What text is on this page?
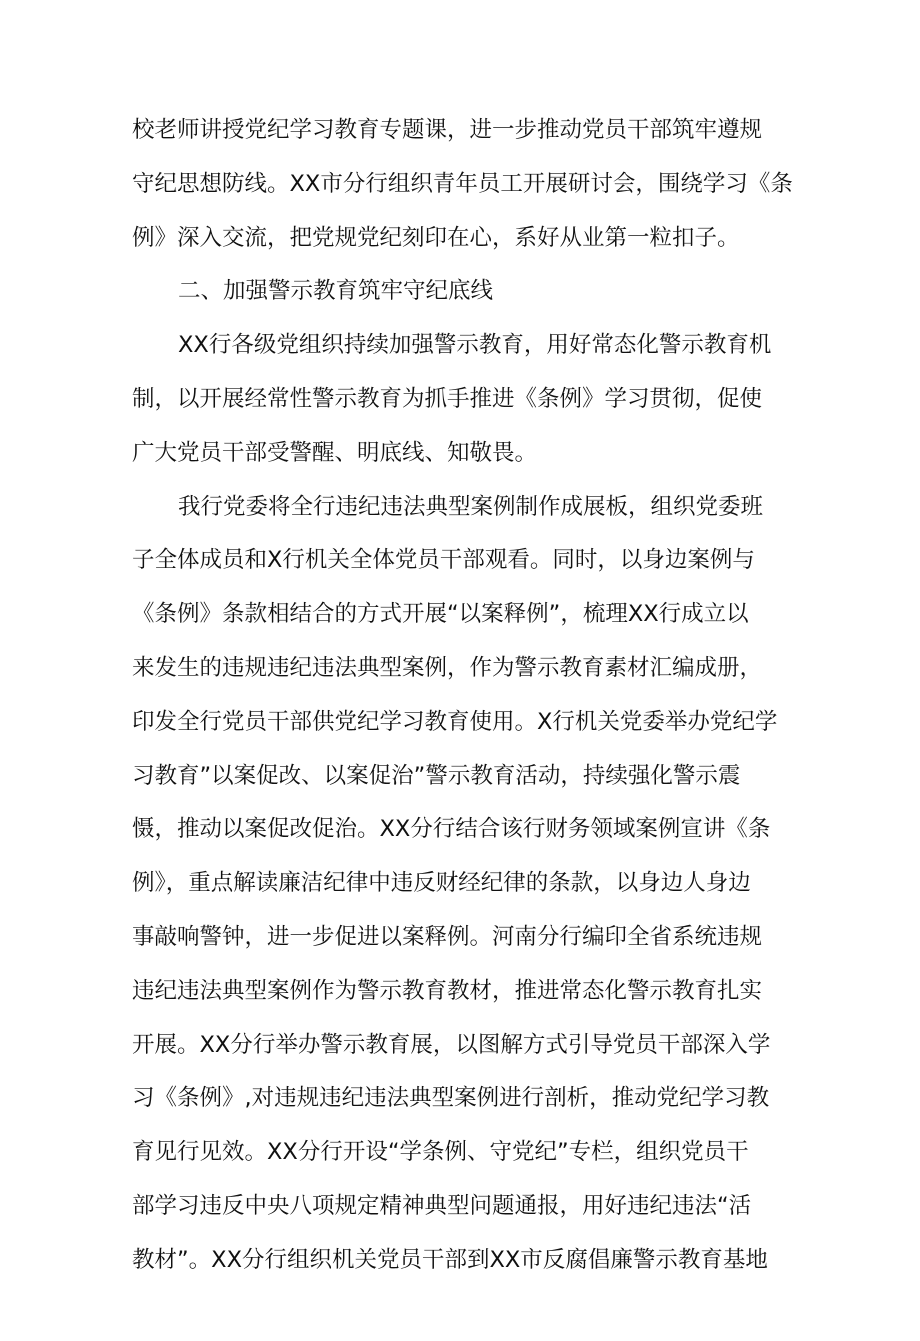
校老师讲授党纪学习教育专题课，进一步推动党员干部筑牢遵规
守纪思想防线。XX市分行组织青年员工开展研讨会，围绕学习《条
例》深入交流，把党规党纪刻印在心，系好从业第一粒扣子。
二、加强警示教育筑牢守纪底线
XX行各级党组织持续加强警示教育，用好常态化警示教育机
制，以开展经常性警示教育为抓手推进《条例》学习贯彻，促使
广大党员干部受警醒、明底线、知敬畏。
我行党委将全行违纪违法典型案例制作成展板，组织党委班
子全体成员和X行机关全体党员干部观看。同时，以身边案例与
《条例》条款相结合的方式开展“以案释例”，梳理XX行成立以
来发生的违规违纪违法典型案例，作为警示教育素材汇编成册，
印发全行党员干部供党纪学习教育使用。X行机关党委举办党纪学
习教育”以案促改、以案促治”警示教育活动，持续强化警示震
慑，推动以案促改促治。XX分行结合该行财务领域案例宣讲《条
例》，重点解读廉洁纪律中违反财经纪律的条款，以身边人身边
事敲响警钟，进一步促进以案释例。河南分行编印全省系统违规
违纪违法典型案例作为警示教育教材，推进常态化警示教育扎实
开展。XX分行举办警示教育展，以图解方式引导党员干部深入学
习《条例》,对违规违纪违法典型案例进行剖析，推动党纪学习教
育见行见效。XX分行开设“学条例、守党纪”专栏，组织党员干
部学习违反中央八项规定精神典型问题通报，用好违纪违法“活
教材”。XX分行组织机关党员干部到XX市反腐倡廉警示教育基地
